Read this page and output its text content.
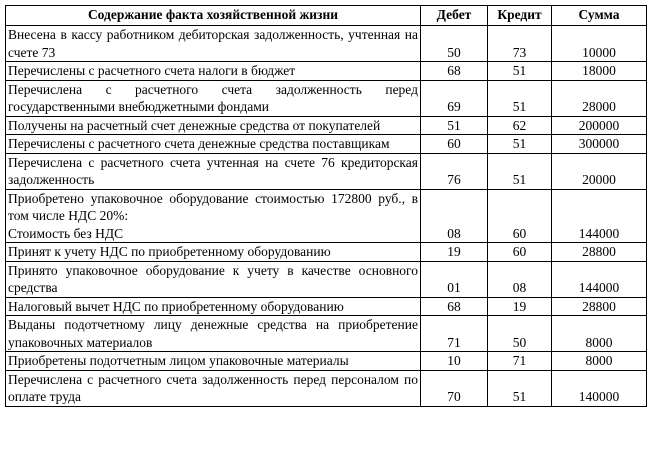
Содержание факта хозяйственной жизни	Дебет	Кредит	Сумма
Внесена в кассу работником дебиторская задолженность, учтенная на счете 73	50	73	10000
Перечислены с расчетного счета налоги в бюджет	68	51	18000
Перечислена с расчетного счета задолженность перед государственными внебюджетными фондами	69	51	28000
Получены на расчетный счет денежные средства от покупателей	51	62	200000
Перечислены с расчетного счета денежные средства поставщикам	60	51	300000
Перечислена с расчетного счета учтенная на счете 76 кредиторская задолженность	76	51	20000

Приобретено упаковочное оборудование стоимостью 172800 руб., в том числе НДС 20%:
Стоимость без НДС	08	60	144000
Принят к учету НДС по приобретенному оборудованию	19	60	28800
Принято упаковочное оборудование к учету в качестве основного средства	01	08	144000
Налоговый вычет НДС по приобретенному оборудованию	68	19	28800
Выданы подотчетному лицу денежные средства на приобретение упаковочных материалов	71	50	8000
Приобретены подотчетным лицом упаковочные материалы	10	71	8000
Перечислена с расчетного счета задолженность перед персоналом по оплате труда	70	51	140000
